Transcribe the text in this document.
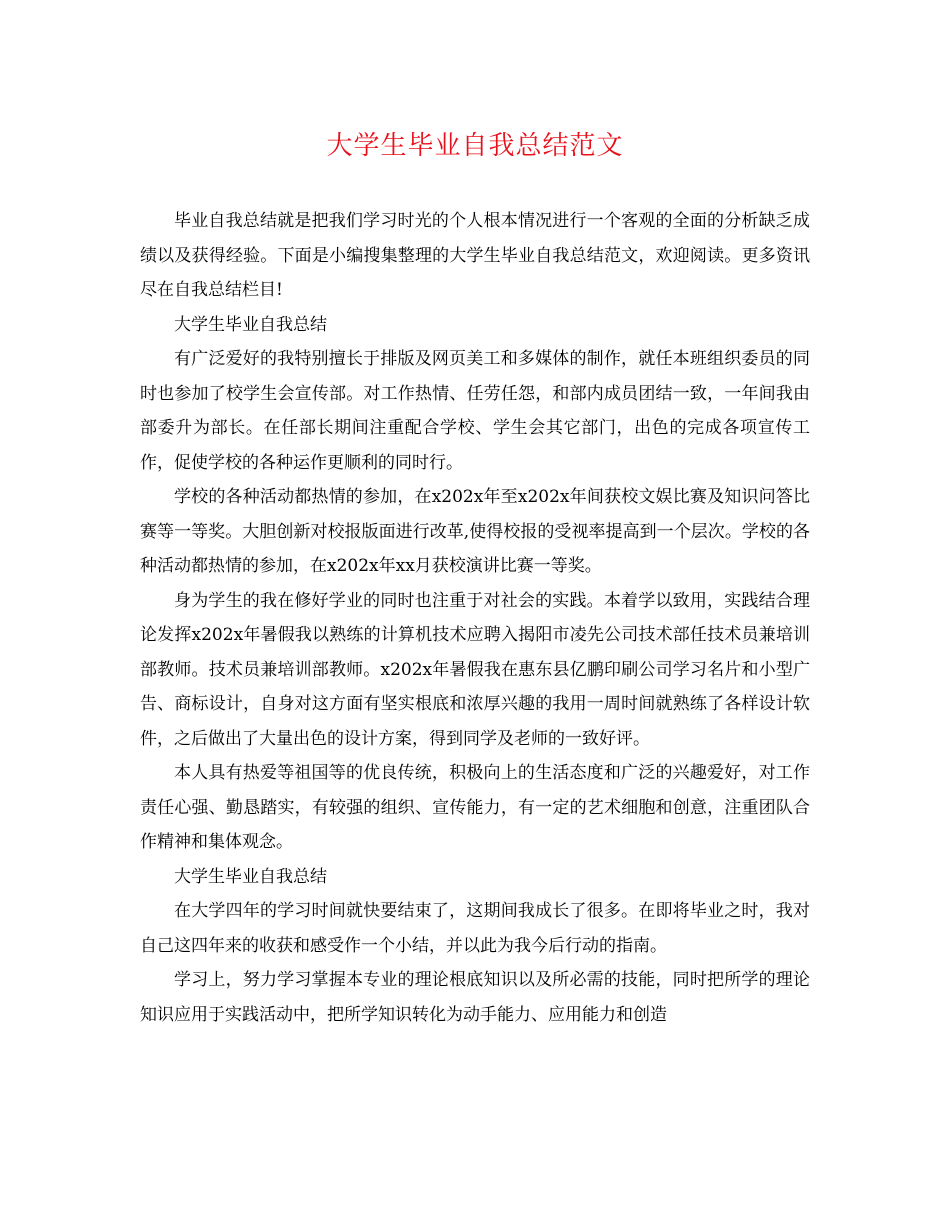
大学生毕业自我总结范文

毕业自我总结就是把我们学习时光的个人根本情况进行一个客观的全面的分析缺乏成绩以及获得经验。下面是小编搜集整理的大学生毕业自我总结范文，欢迎阅读。更多资讯尽在自我总结栏目!

大学生毕业自我总结

有广泛爱好的我特别擅长于排版及网页美工和多媒体的制作，就任本班组织委员的同时也参加了校学生会宣传部。对工作热情、任劳任怨，和部内成员团结一致，一年间我由部委升为部长。在任部长期间注重配合学校、学生会其它部门，出色的完成各项宣传工作，促使学校的各种运作更顺利的同时行。

学校的各种活动都热情的参加，在x202x年至x202x年间获校文娱比赛及知识问答比赛等一等奖。大胆创新对校报版面进行改革,使得校报的受视率提高到一个层次。学校的各种活动都热情的参加，在x202x年xx月获校演讲比赛一等奖。

身为学生的我在修好学业的同时也注重于对社会的实践。本着学以致用，实践结合理论发挥x202x年暑假我以熟练的计算机技术应聘入揭阳市凌先公司技术部任技术员兼培训部教师。技术员兼培训部教师。x202x年暑假我在惠东县亿鹏印刷公司学习名片和小型广告、商标设计，自身对这方面有坚实根底和浓厚兴趣的我用一周时间就熟练了各样设计软件，之后做出了大量出色的设计方案，得到同学及老师的一致好评。

本人具有热爱等祖国等的优良传统，积极向上的生活态度和广泛的兴趣爱好，对工作责任心强、勤恳踏实，有较强的组织、宣传能力，有一定的艺术细胞和创意，注重团队合作精神和集体观念。

大学生毕业自我总结

在大学四年的学习时间就快要结束了，这期间我成长了很多。在即将毕业之时，我对自己这四年来的收获和感受作一个小结，并以此为我今后行动的指南。

学习上，努力学习掌握本专业的理论根底知识以及所必需的技能，同时把所学的理论知识应用于实践活动中，把所学知识转化为动手能力、应用能力和创造
